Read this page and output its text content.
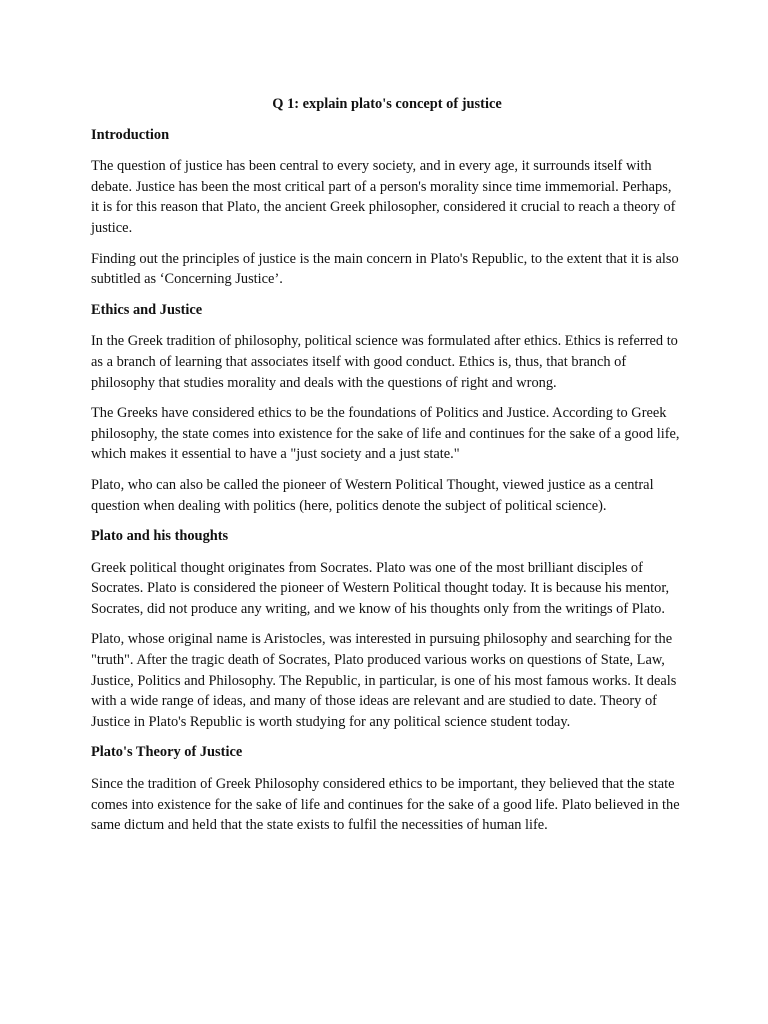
Q 1: explain plato's concept of justice
Introduction

The question of justice has been central to every society, and in every age, it surrounds itself with debate. Justice has been the most critical part of a person's morality since time immemorial. Perhaps, it is for this reason that Plato, the ancient Greek philosopher, considered it crucial to reach a theory of justice.

Finding out the principles of justice is the main concern in Plato's Republic, to the extent that it is also subtitled as ‘Concerning Justice’.

Ethics and Justice

In the Greek tradition of philosophy, political science was formulated after ethics. Ethics is referred to as a branch of learning that associates itself with good conduct. Ethics is, thus, that branch of philosophy that studies morality and deals with the questions of right and wrong.

The Greeks have considered ethics to be the foundations of Politics and Justice. According to Greek philosophy, the state comes into existence for the sake of life and continues for the sake of a good life, which makes it essential to have a "just society and a just state."

Plato, who can also be called the pioneer of Western Political Thought, viewed justice as a central question when dealing with politics (here, politics denote the subject of political science).

Plato and his thoughts

Greek political thought originates from Socrates. Plato was one of the most brilliant disciples of Socrates. Plato is considered the pioneer of Western Political thought today. It is because his mentor, Socrates, did not produce any writing, and we know of his thoughts only from the writings of Plato.

Plato, whose original name is Aristocles, was interested in pursuing philosophy and searching for the "truth". After the tragic death of Socrates, Plato produced various works on questions of State, Law, Justice, Politics and Philosophy. The Republic, in particular, is one of his most famous works. It deals with a wide range of ideas, and many of those ideas are relevant and are studied to date. Theory of Justice in Plato's Republic is worth studying for any political science student today.

Plato's Theory of Justice

Since the tradition of Greek Philosophy considered ethics to be important, they believed that the state comes into existence for the sake of life and continues for the sake of a good life. Plato believed in the same dictum and held that the state exists to fulfil the necessities of human life.
